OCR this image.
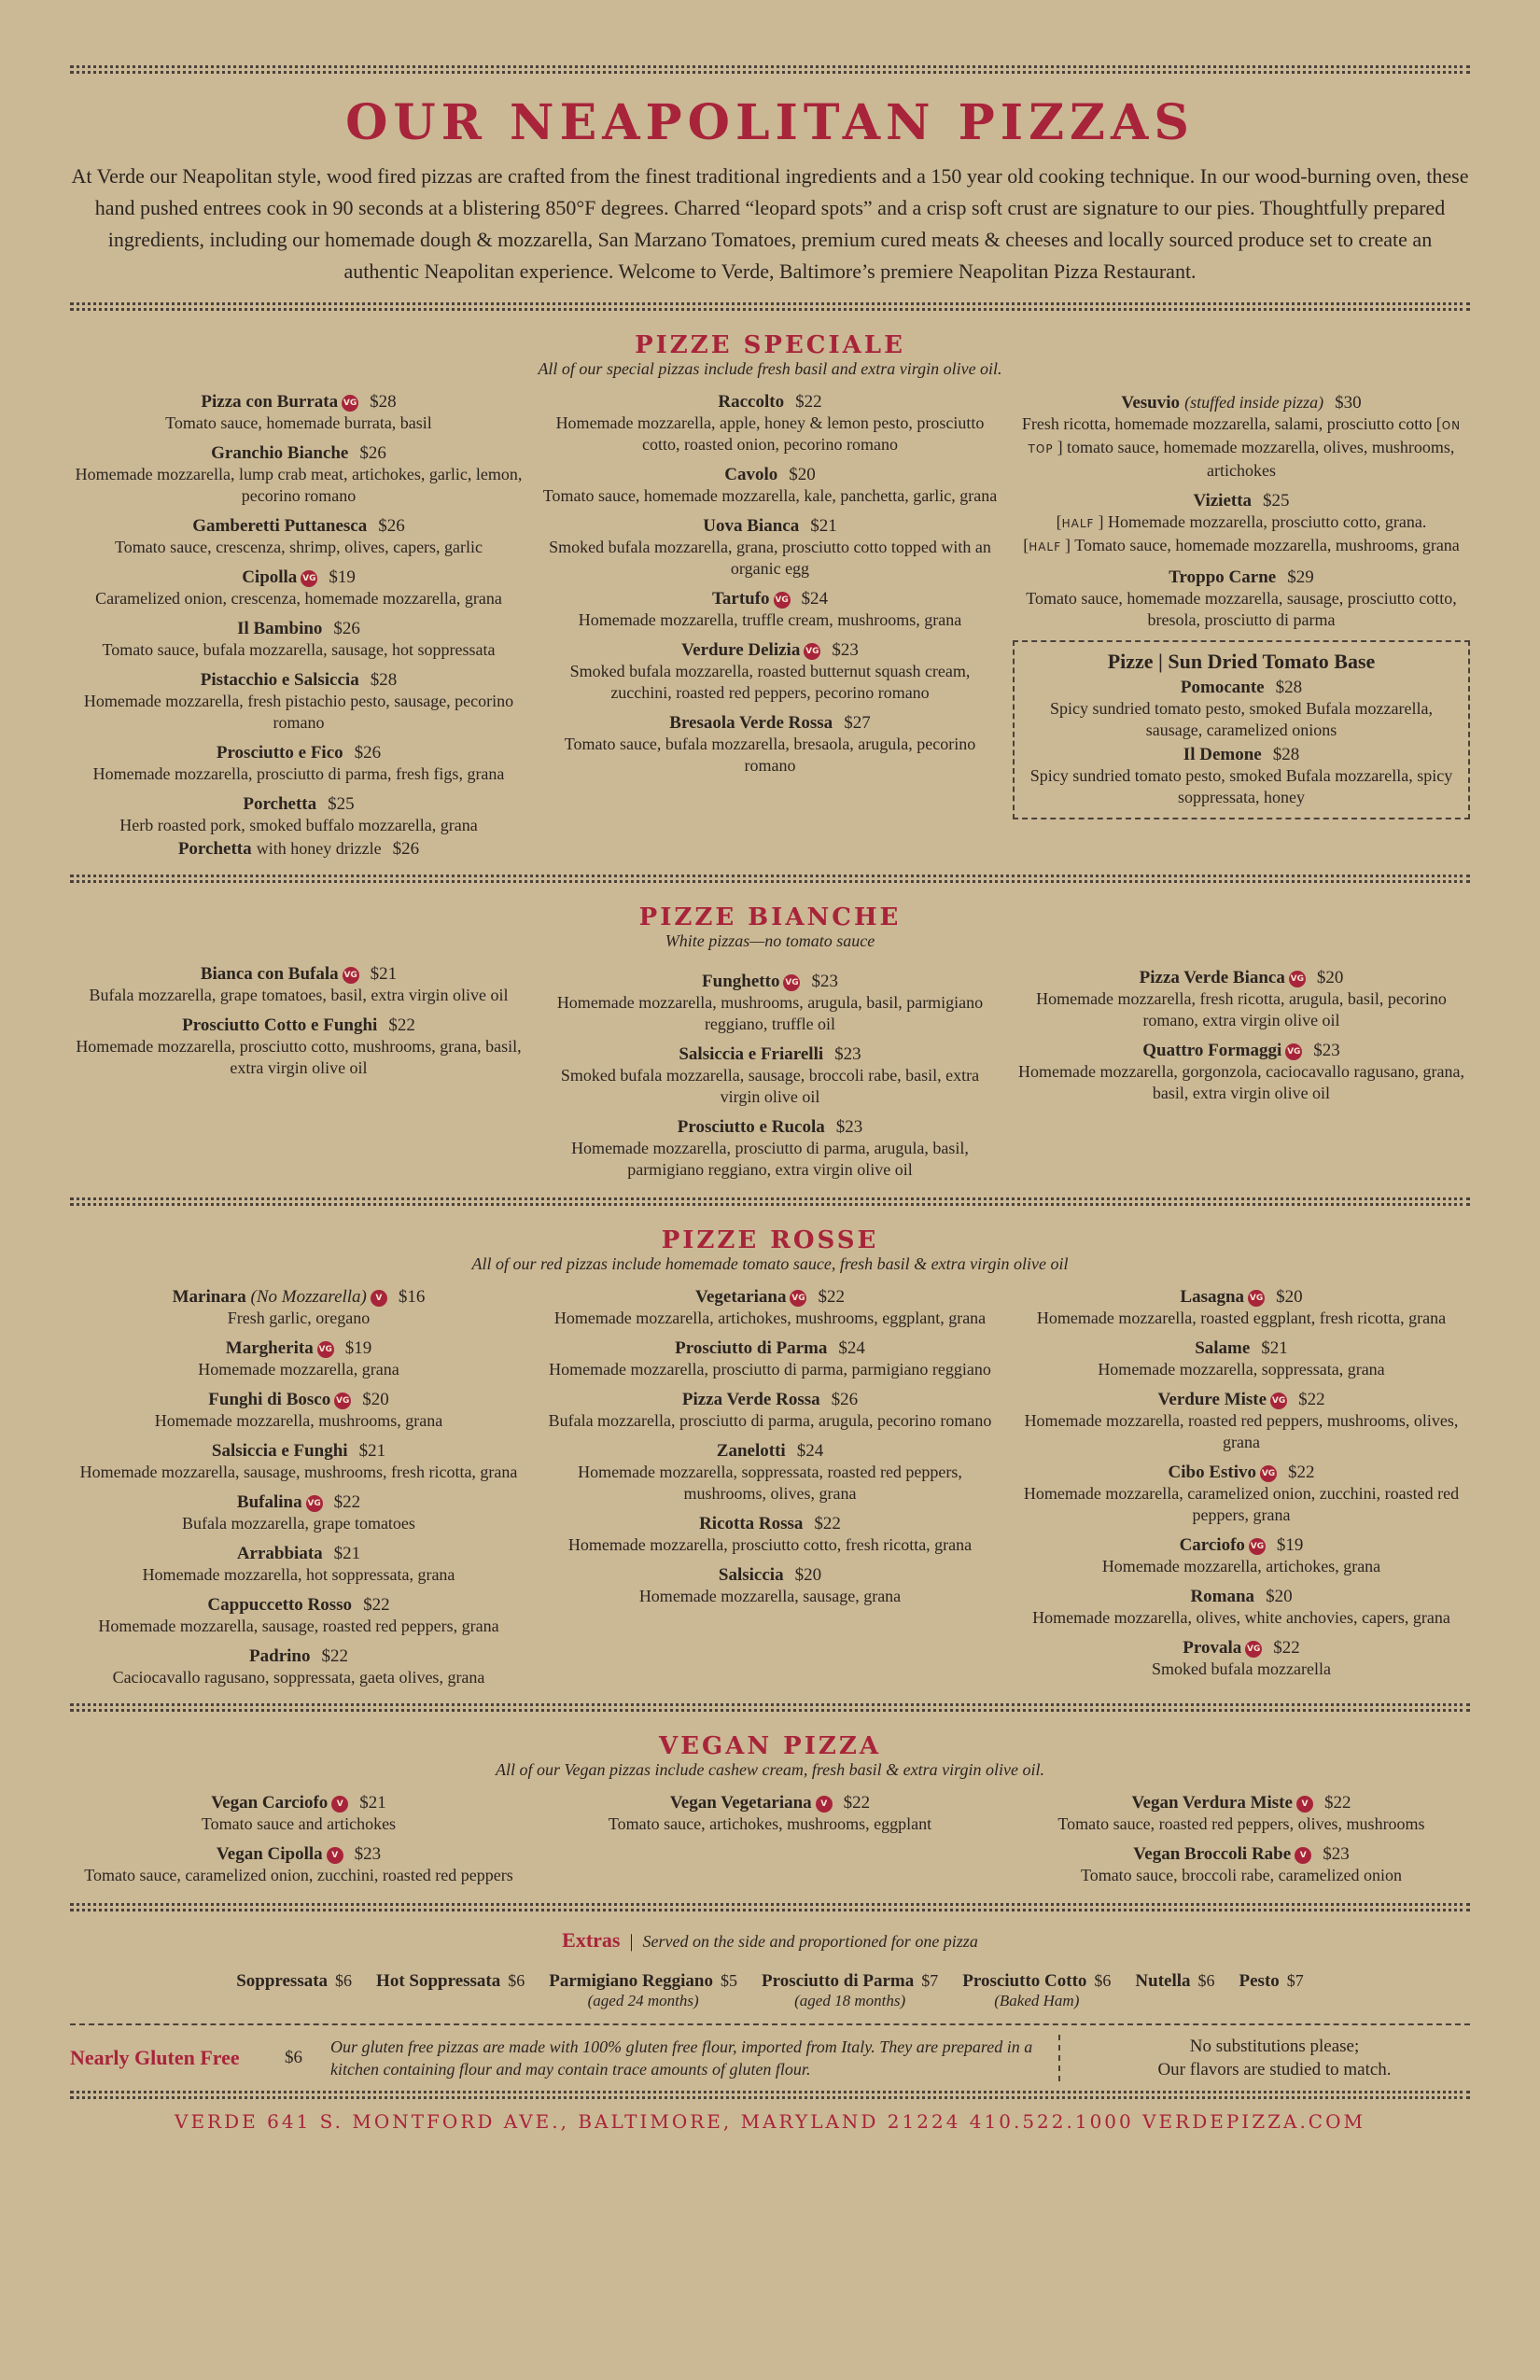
OUR NEAPOLITAN PIZZAS

At Verde our Neapolitan style, wood fired pizzas are crafted from the finest traditional ingredients and a 150 year old cooking technique. In our wood-burning oven, these hand pushed entrees cook in 90 seconds at a blistering 850°F degrees. Charred “leopard spots” and a crisp soft crust are signature to our pies. Thoughtfully prepared ingredients, including our homemade dough & mozzarella, San Marzano Tomatoes, premium cured meats & cheeses and locally sourced produce set to create an authentic Neapolitan experience. Welcome to Verde, Baltimore’s premiere Neapolitan Pizza Restaurant.

PIZZE SPECIALE
All of our special pizzas include fresh basil and extra virgin olive oil.
Pizza con Burrata VG $28
Tomato sauce, homemade burrata, basil
Granchio Bianche $26
Homemade mozzarella, lump crab meat, artichokes, garlic, lemon, pecorino romano
Gamberetti Puttanesca $26
Tomato sauce, crescenza, shrimp, olives, capers, garlic
Cipolla VG $19
Caramelized onion, crescenza, homemade mozzarella, grana
Il Bambino $26
Tomato sauce, bufala mozzarella, sausage, hot soppressata
Pistacchio e Salsiccia $28
Homemade mozzarella, fresh pistachio pesto, sausage, pecorino romano
Prosciutto e Fico $26
Homemade mozzarella, prosciutto di parma, fresh figs, grana
Porchetta $25
Herb roasted pork, smoked buffalo mozzarella, grana
Porchetta with honey drizzle $26
Raccolto $22
Homemade mozzarella, apple, honey & lemon pesto, prosciutto cotto, roasted onion, pecorino romano
Cavolo $20
Tomato sauce, homemade mozzarella, kale, panchetta, garlic, grana
Uova Bianca $21
Smoked bufala mozzarella, grana, prosciutto cotto topped with an organic egg
Tartufo VG $24
Homemade mozzarella, truffle cream, mushrooms, grana
Verdure Delizia VG $23
Smoked bufala mozzarella, roasted butternut squash cream, zucchini, roasted red peppers, pecorino romano
Bresaola Verde Rossa $27
Tomato sauce, bufala mozzarella, bresaola, arugula, pecorino romano
Vesuvio (stuffed inside pizza) $30
Fresh ricotta, homemade mozzarella, salami, prosciutto cotto [ON TOP ] tomato sauce, homemade mozzarella, olives, mushrooms, artichokes
Vizietta $25
[HALF ] Homemade mozzarella, prosciutto cotto, grana.
[HALF ] Tomato sauce, homemade mozzarella, mushrooms, grana
Troppo Carne $29
Tomato sauce, homemade mozzarella, sausage, prosciutto cotto, bresola, prosciutto di parma
Pizze | Sun Dried Tomato Base
Pomocante $28
Spicy sundried tomato pesto, smoked Bufala mozzarella, sausage, caramelized onions
Il Demone $28
Spicy sundried tomato pesto, smoked Bufala mozzarella, spicy soppressata, honey
PIZZE BIANCHE
White pizzas—no tomato sauce
Bianca con Bufala VG $21
Bufala mozzarella, grape tomatoes, basil, extra virgin olive oil
Prosciutto Cotto e Funghi $22
Homemade mozzarella, prosciutto cotto, mushrooms, grana, basil, extra virgin olive oil
Funghetto VG $23
Homemade mozzarella, mushrooms, arugula, basil, parmigiano reggiano, truffle oil
Salsiccia e Friarelli $23
Smoked bufala mozzarella, sausage, broccoli rabe, basil, extra virgin olive oil
Prosciutto e Rucola $23
Homemade mozzarella, prosciutto di parma, arugula, basil, parmigiano reggiano, extra virgin olive oil
Pizza Verde Bianca VG $20
Homemade mozzarella, fresh ricotta, arugula, basil, pecorino romano, extra virgin olive oil
Quattro Formaggi VG $23
Homemade mozzarella, gorgonzola, caciocavallo ragusano, grana, basil, extra virgin olive oil
PIZZE ROSSE
All of our red pizzas include homemade tomato sauce, fresh basil & extra virgin olive oil
Marinara (No Mozzarella) V $16
Fresh garlic, oregano
Margherita VG $19
Homemade mozzarella, grana
Funghi di Bosco VG $20
Homemade mozzarella, mushrooms, grana
Salsiccia e Funghi $21
Homemade mozzarella, sausage, mushrooms, fresh ricotta, grana
Bufalina VG $22
Bufala mozzarella, grape tomatoes
Arrabbiata $21
Homemade mozzarella, hot soppressata, grana
Cappuccetto Rosso $22
Homemade mozzarella, sausage, roasted red peppers, grana
Padrino $22
Caciocavallo ragusano, soppressata, gaeta olives, grana
Vegetariana VG $22
Homemade mozzarella, artichokes, mushrooms, eggplant, grana
Prosciutto di Parma $24
Homemade mozzarella, prosciutto di parma, parmigiano reggiano
Pizza Verde Rossa $26
Bufala mozzarella, prosciutto di parma, arugula, pecorino romano
Zanelotti $24
Homemade mozzarella, soppressata, roasted red peppers, mushrooms, olives, grana
Ricotta Rossa $22
Homemade mozzarella, prosciutto cotto, fresh ricotta, grana
Salsiccia $20
Homemade mozzarella, sausage, grana
Lasagna VG $20
Homemade mozzarella, roasted eggplant, fresh ricotta, grana
Salame $21
Homemade mozzarella, soppressata, grana
Verdure Miste VG $22
Homemade mozzarella, roasted red peppers, mushrooms, olives, grana
Cibo Estivo VG $22
Homemade mozzarella, caramelized onion, zucchini, roasted red peppers, grana
Carciofo VG $19
Homemade mozzarella, artichokes, grana
Romana $20
Homemade mozzarella, olives, white anchovies, capers, grana
Provala VG $22
Smoked bufala mozzarella
VEGAN PIZZA
All of our Vegan pizzas include cashew cream, fresh basil & extra virgin olive oil.
Vegan Carciofo V $21
Tomato sauce and artichokes
Vegan Cipolla V $23
Tomato sauce, caramelized onion, zucchini, roasted red peppers
Vegan Vegetariana V $22
Tomato sauce, artichokes, mushrooms, eggplant
Vegan Verdura Miste V $22
Tomato sauce, roasted red peppers, olives, mushrooms
Vegan Broccoli Rabe V $23
Tomato sauce, broccoli rabe, caramelized onion
Extras | Served on the side and proportioned for one pizza
Soppressata $6 Hot Soppressata $6 Parmigiano Reggiano $5
(aged 24 months)
Prosciutto di Parma $7
(aged 18 months)
Prosciutto Cotto $6
(Baked Ham)
Nutella $6 Pesto $7
Nearly Gluten Free	$6
Our gluten free pizzas are made with 100% gluten free flour, imported from Italy. They are prepared in a kitchen containing flour and may contain trace amounts of gluten flour.
No substitutions please;
Our flavors are studied to match.
VERDE 641 S. MONTFORD AVE., BALTIMORE, MARYLAND 21224 410.522.1000 VERDEPIZZA.COM
